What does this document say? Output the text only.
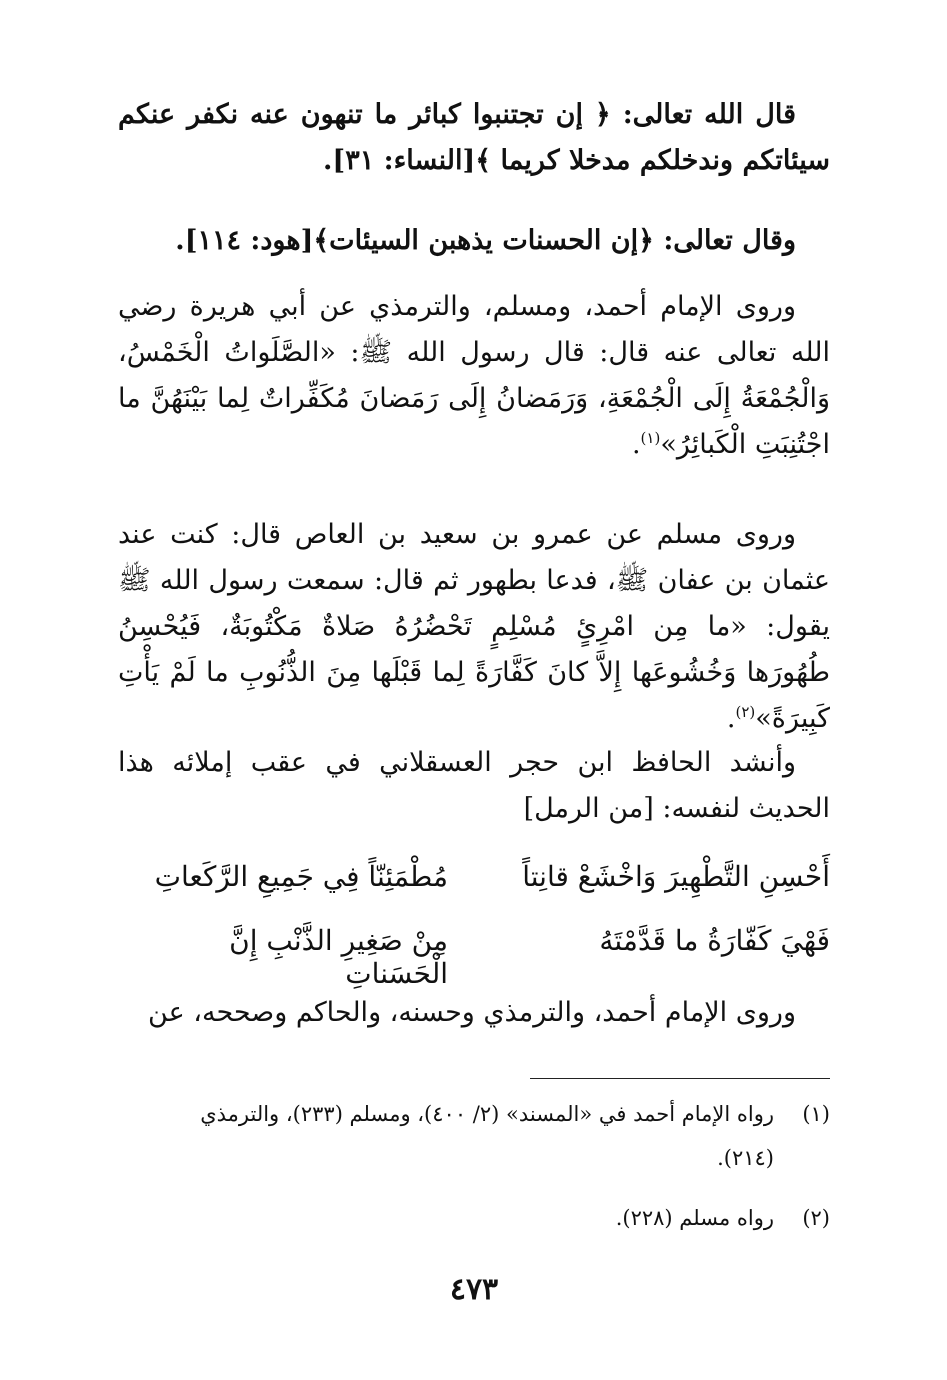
قال الله تعالى: ﴿ إن تجتنبوا كبائر ما تنهون عنه نكفر عنكم سيئاتكم وندخلكم مدخلا كريما ﴾[النساء: ٣١].
وقال تعالى: ﴿إن الحسنات يذهبن السيئات﴾[هود: ١١٤].
وروى الإمام أحمد، ومسلم، والترمذي عن أبي هريرة رضي الله تعالى عنه قال: قال رسول الله ﷺ: «الصَّلَواتُ الْخَمْسُ، وَالْجُمْعَةُ إِلَى الْجُمْعَةِ، وَرَمَضانُ إِلَى رَمَضانَ مُكَفِّراتٌ لِما بَيْنَهُنَّ ما اجْتُنِبَتِ الْكَبائِرُ»$^{(١)}$.
وروى مسلم عن عمرو بن سعيد بن العاص قال: كنت عند عثمان بن عفان ﷺ، فدعا بطهور ثم قال: سمعت رسول الله ﷺ يقول: «ما مِن امْرِئٍ مُسْلِمٍ تَحْضُرُهُ صَلاةٌ مَكْتُوبَةٌ، فَيُحْسِنُ طُهُورَها وَخُشُوعَها إِلاَّ كانَ كَفَّارَةً لِما قَبْلَها مِنَ الذُّنُوبِ ما لَمْ يَأْتِ كَبِيرَةً»$^{(٢)}$.
وأنشد الحافظ ابن حجر العسقلاني في عقب إملائه هذا الحديث لنفسه: [من الرمل]
أَحْسِنِ التَّطْهِيرَ وَاخْشَعْ قانِتاً
مُطْمَئِنّاً فِي جَمِيعِ الرَّكَعاتِ
فَهْيَ كَفّارَةُ ما قَدَّمْتَهُ
مِنْ صَغِيرِ الذَّنْبِ إِنَّ الْحَسَناتِ
وروى الإمام أحمد، والترمذي وحسنه، والحاكم وصححه، عن
(١)رواه الإمام أحمد في «المسند» (٢/ ٤٠٠)، ومسلم (٢٣٣)، والترمذي
(٢١٤).
(٢)رواه مسلم (٢٢٨).
٤٧٣
